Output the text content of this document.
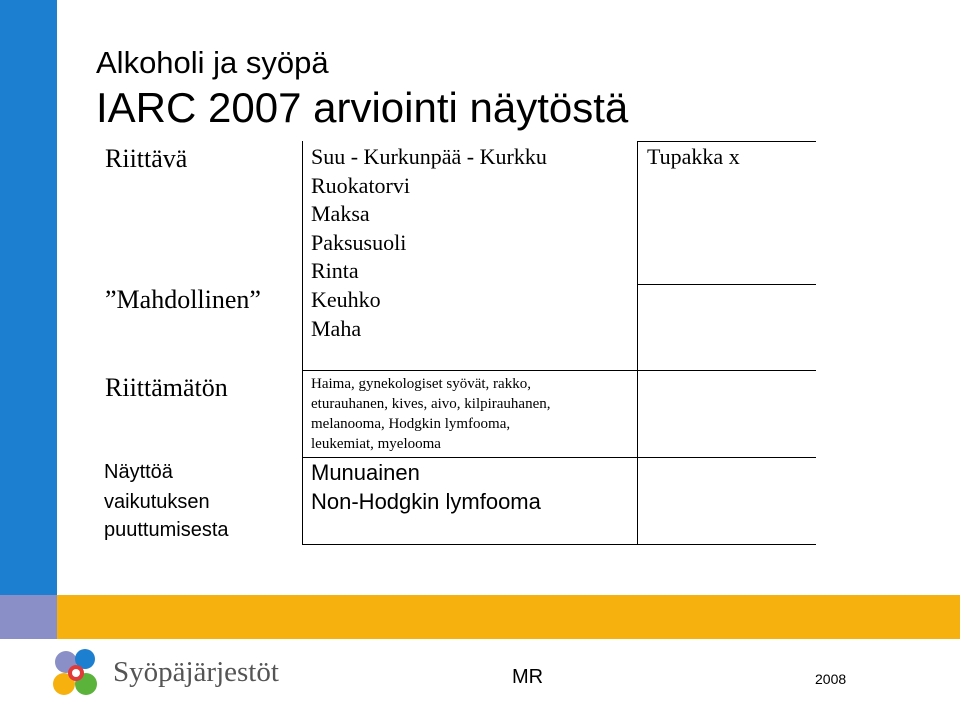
Alkoholi ja syöpä
IARC 2007 arviointi näytöstä
Riittävä
”Mahdollinen”
Riittämätön
Näyttöä
vaikutuksen
puuttumisesta
Suu - Kurkunpää - Kurkku
Ruokatorvi
Maksa
Paksusuoli
Rinta
Keuhko
Maha
Haima, gynekologiset syövät, rakko,
eturauhanen, kives, aivo, kilpirauhanen,
melanooma, Hodgkin lymfooma,
leukemiat, myelooma
Munuainen
Non-Hodgkin lymfooma
Tupakka x
Syöpäjärjestöt	MR	2008
